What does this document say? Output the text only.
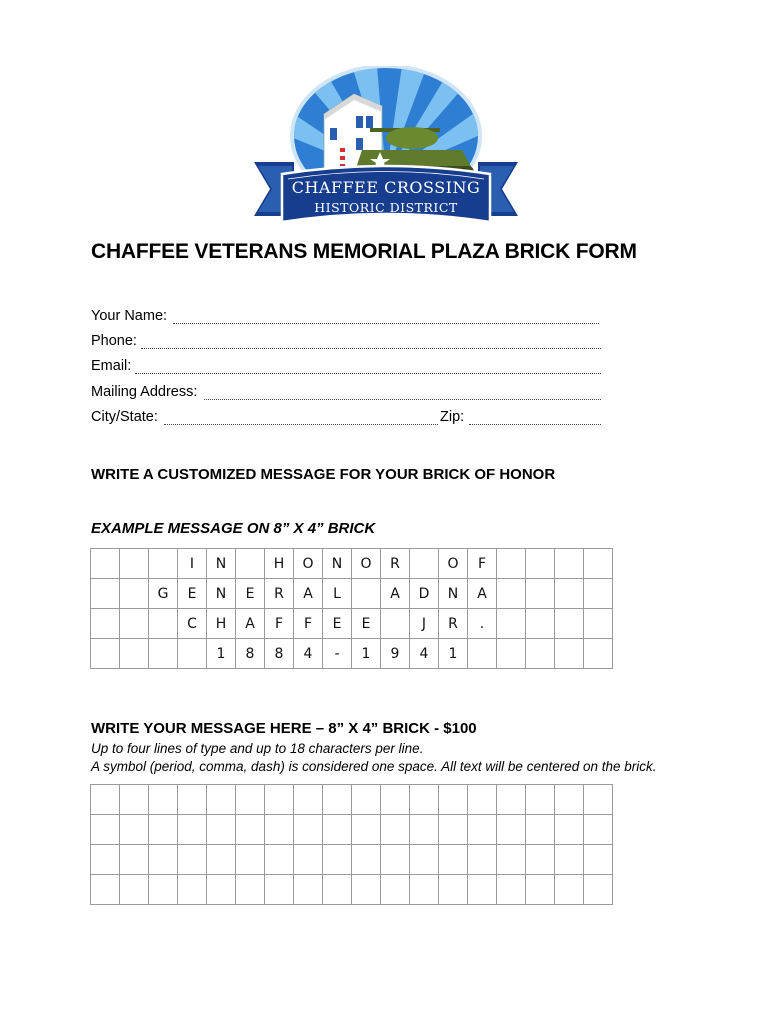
CHAFFEE CROSSING
HISTORIC DISTRICT
CHAFFEE VETERANS MEMORIAL PLAZA BRICK FORM
Your Name:
Phone:
Email:
Mailing Address:
City/State:	Zip:
WRITE A CUSTOMIZED MESSAGE FOR YOUR BRICK OF HONOR
EXAMPLE MESSAGE ON 8” X 4” BRICK
			I	N		H	O	N	O	R		O	F				
		G	E	N	E	R	A	L		A	D	N	A				
			C	H	A	F	F	E	E		J	R	.				
				1	8	8	4	-	1	9	4	1					
WRITE YOUR MESSAGE HERE – 8” X 4” BRICK - $100
Up to four lines of type and up to 18 characters per line.
A symbol (period, comma, dash) is considered one space. All text will be centered on the brick.
